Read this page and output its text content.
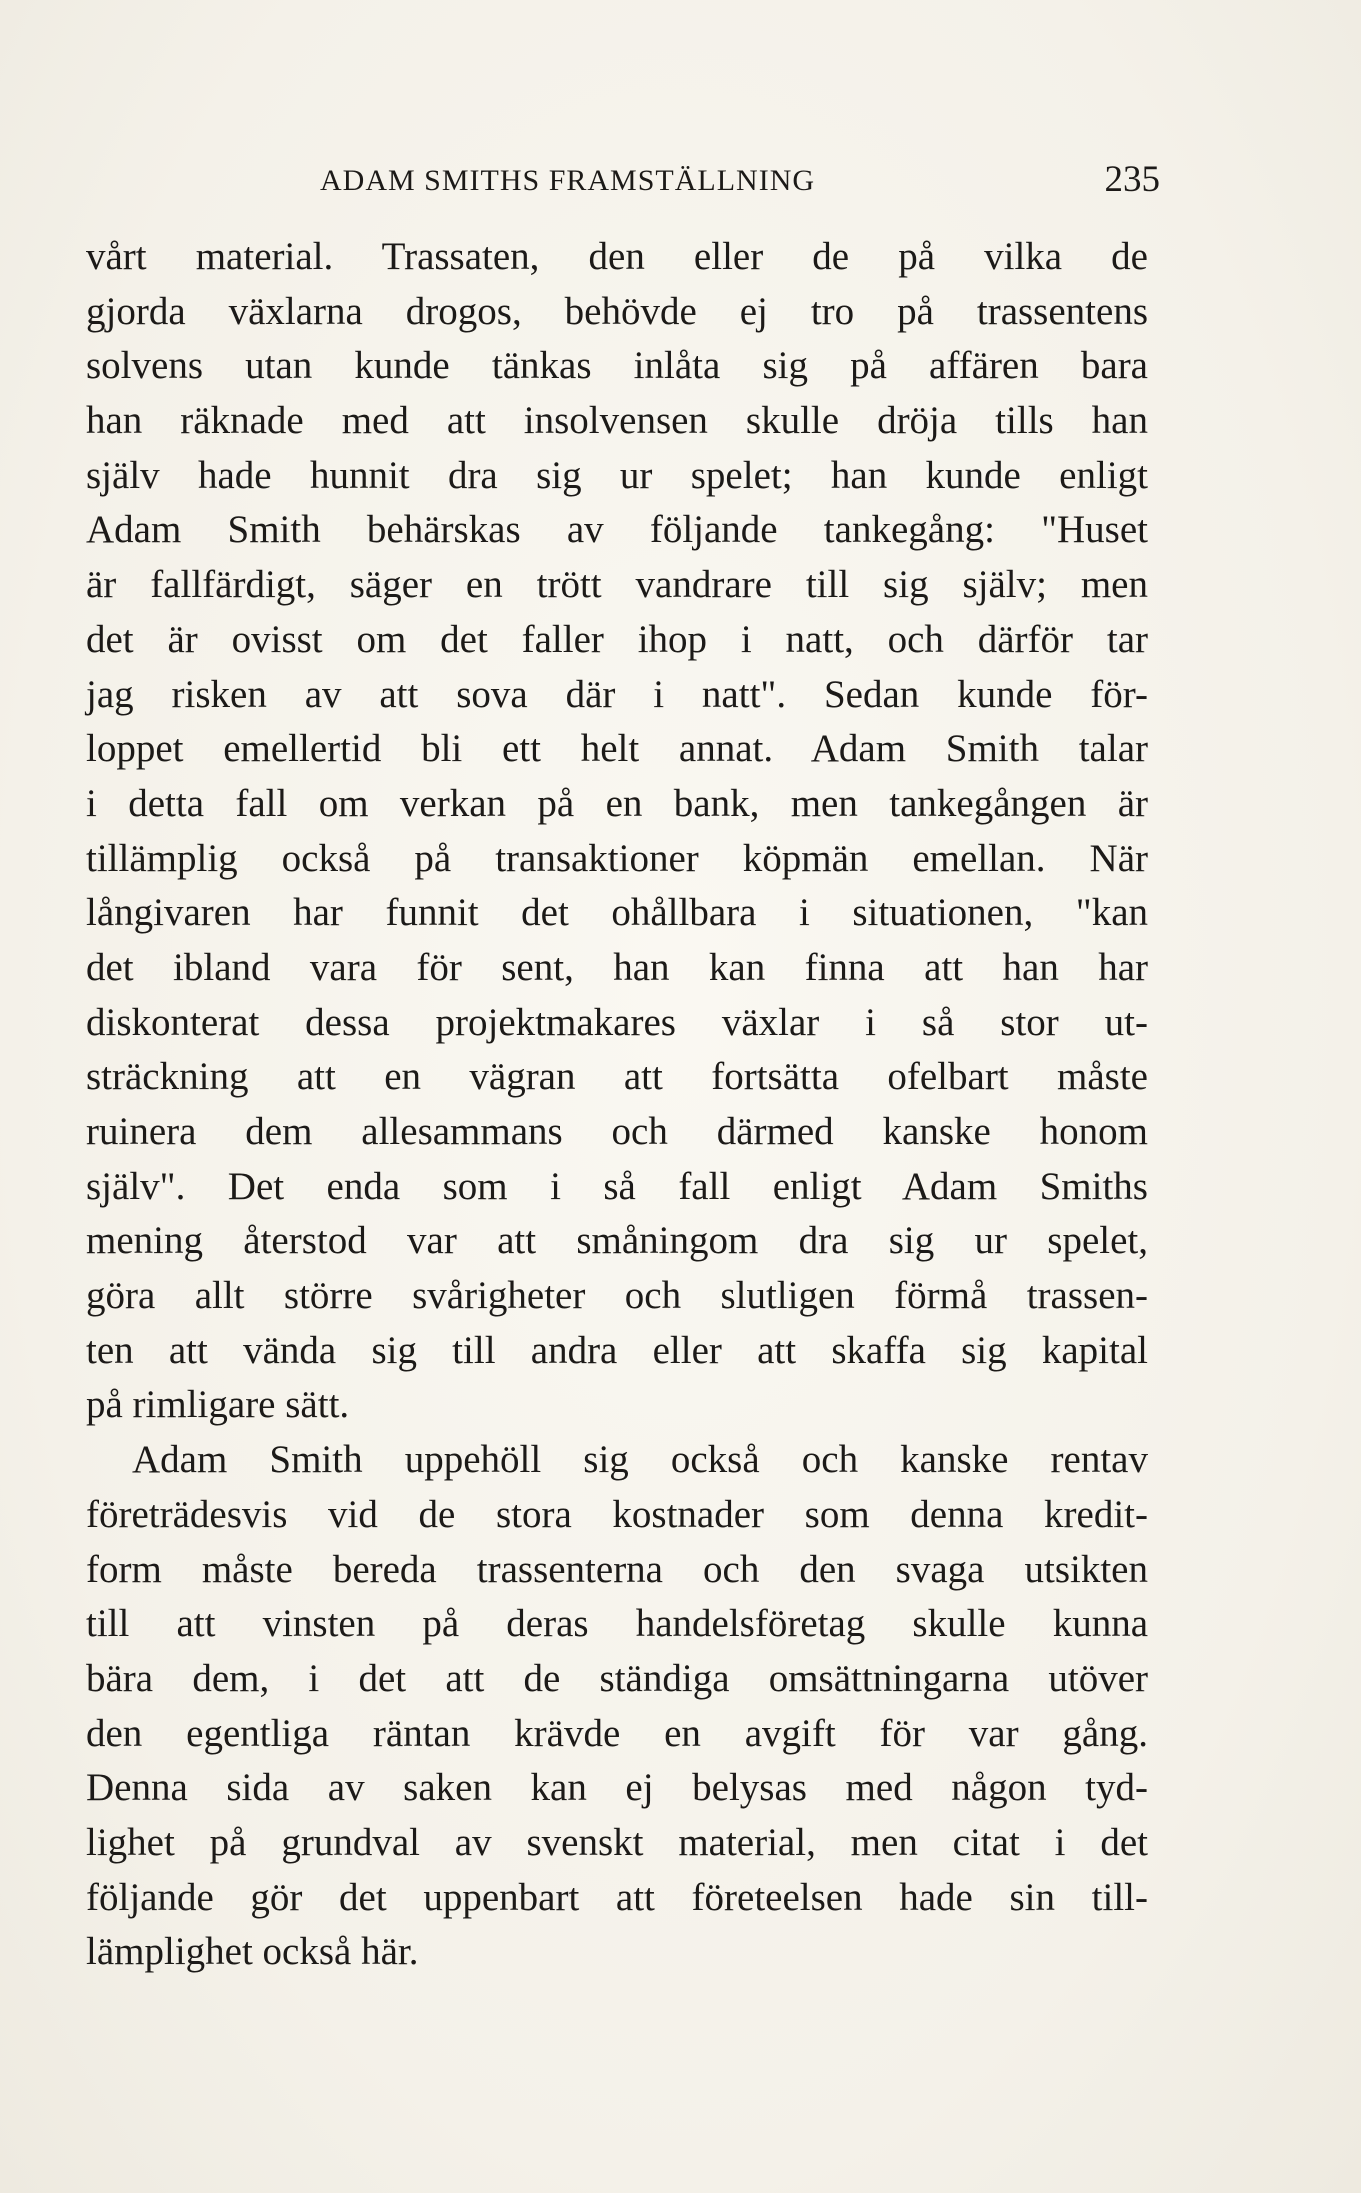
ADAM SMITHS FRAMSTÄLLNING	235
vårt material. Trassaten, den eller de på vilka de
gjorda växlarna drogos, behövde ej tro på trassentens
solvens utan kunde tänkas inlåta sig på affären bara
han räknade med att insolvensen skulle dröja tills han
själv hade hunnit dra sig ur spelet; han kunde enligt
Adam Smith behärskas av följande tankegång: "Huset
är fallfärdigt, säger en trött vandrare till sig själv; men
det är ovisst om det faller ihop i natt, och därför tar
jag risken av att sova där i natt". Sedan kunde för-
loppet emellertid bli ett helt annat. Adam Smith talar
i detta fall om verkan på en bank, men tankegången är
tillämplig också på transaktioner köpmän emellan. När
långivaren har funnit det ohållbara i situationen, "kan
det ibland vara för sent, han kan finna att han har
diskonterat dessa projektmakares växlar i så stor ut-
sträckning att en vägran att fortsätta ofelbart måste
ruinera dem allesammans och därmed kanske honom
själv". Det enda som i så fall enligt Adam Smiths
mening återstod var att småningom dra sig ur spelet,
göra allt större svårigheter och slutligen förmå trassen-
ten att vända sig till andra eller att skaffa sig kapital
på rimligare sätt.
Adam Smith uppehöll sig också och kanske rentav
företrädesvis vid de stora kostnader som denna kredit-
form måste bereda trassenterna och den svaga utsikten
till att vinsten på deras handelsföretag skulle kunna
bära dem, i det att de ständiga omsättningarna utöver
den egentliga räntan krävde en avgift för var gång.
Denna sida av saken kan ej belysas med någon tyd-
lighet på grundval av svenskt material, men citat i det
följande gör det uppenbart att företeelsen hade sin till-
lämplighet också här.
